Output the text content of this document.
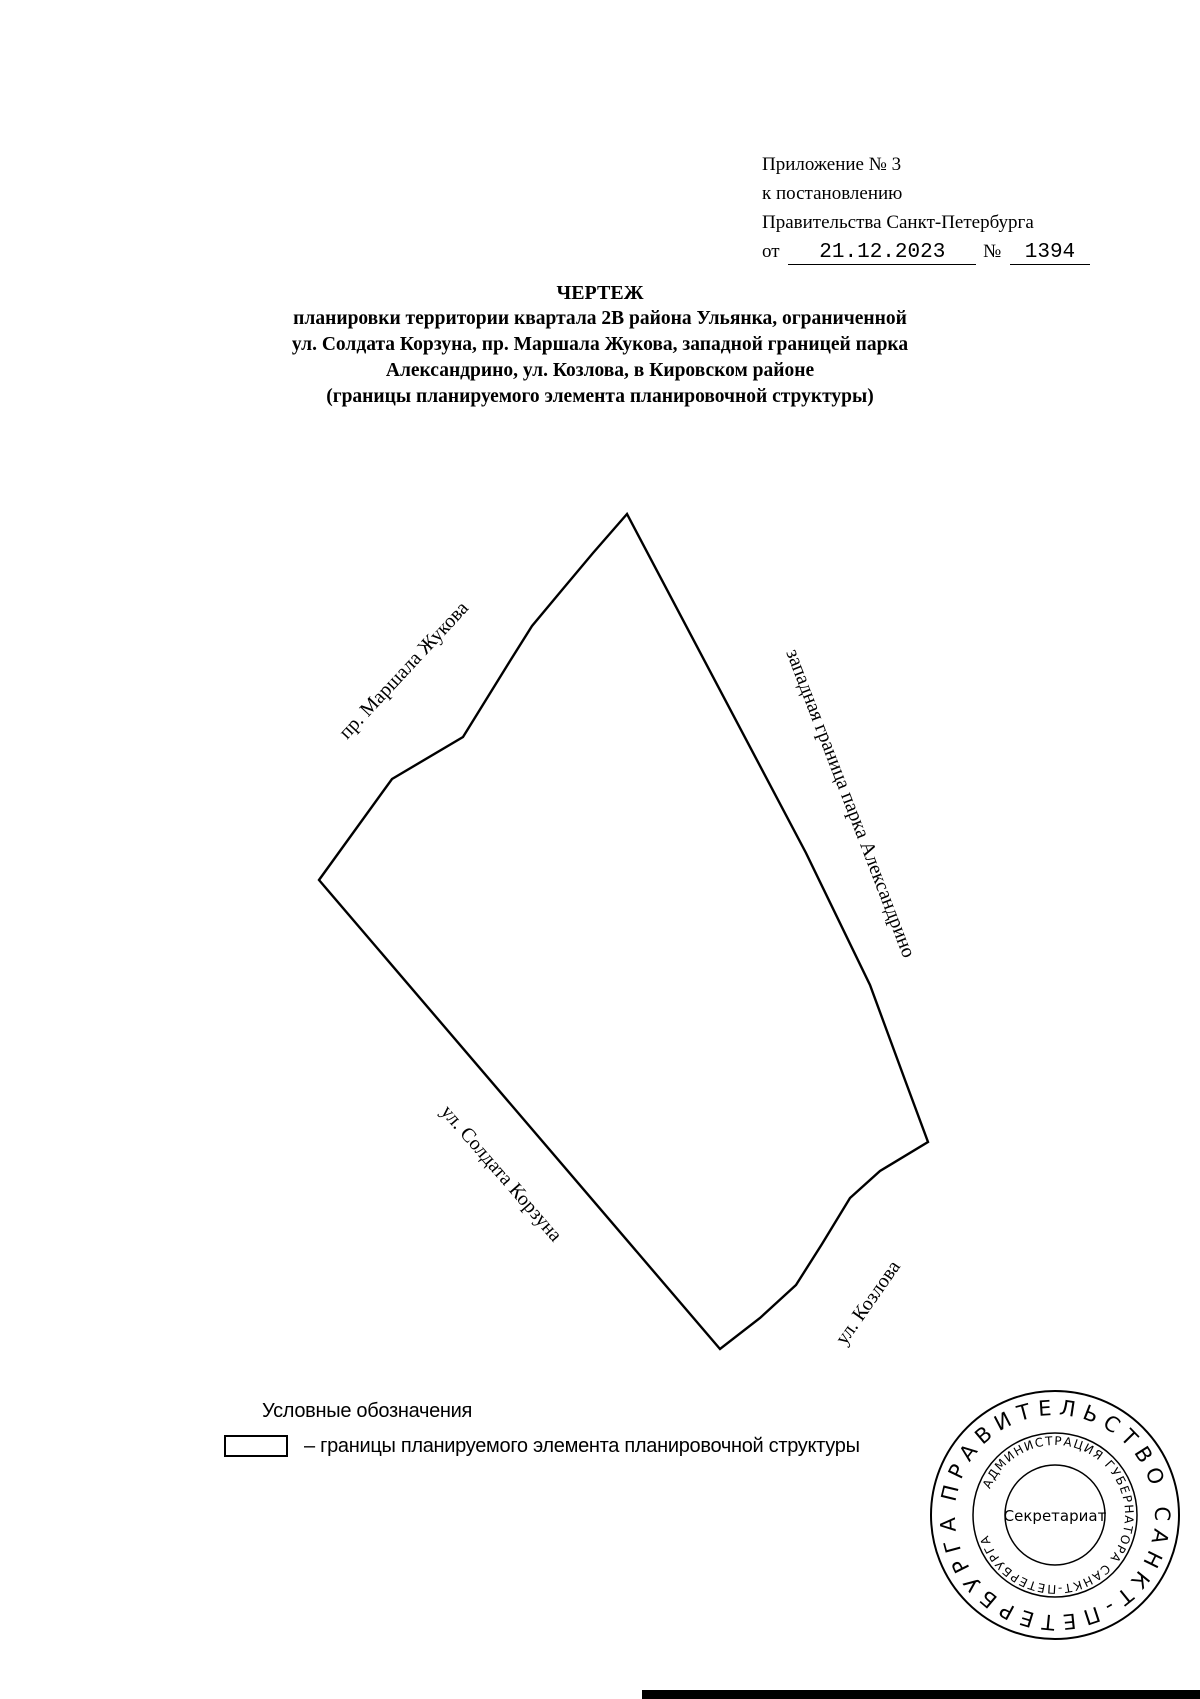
Приложение № 3
к постановлению
Правительства Санкт-Петербурга
от 21.12.2023 № 1394
ЧЕРТЕЖ
планировки территории квартала 2В района Ульянка, ограниченной
ул. Солдата Корзуна, пр. Маршала Жукова, западной границей парка
Александрино, ул. Козлова, в Кировском районе
(границы планируемого элемента планировочной структуры)
пр. Маршала Жукова	западная граница парка Александрино
ул. Солдата Корзуна
ул. Козлова
Условные обозначения
– границы планируемого элемента планировочной структуры
ПРАВИТЕЛЬСТВО САНКТ-ПЕТЕРБУРГА
АДМИНИСТРАЦИЯ ГУБЕРНАТОРА САНКТ-ПЕТЕРБУРГА
Секретариат
